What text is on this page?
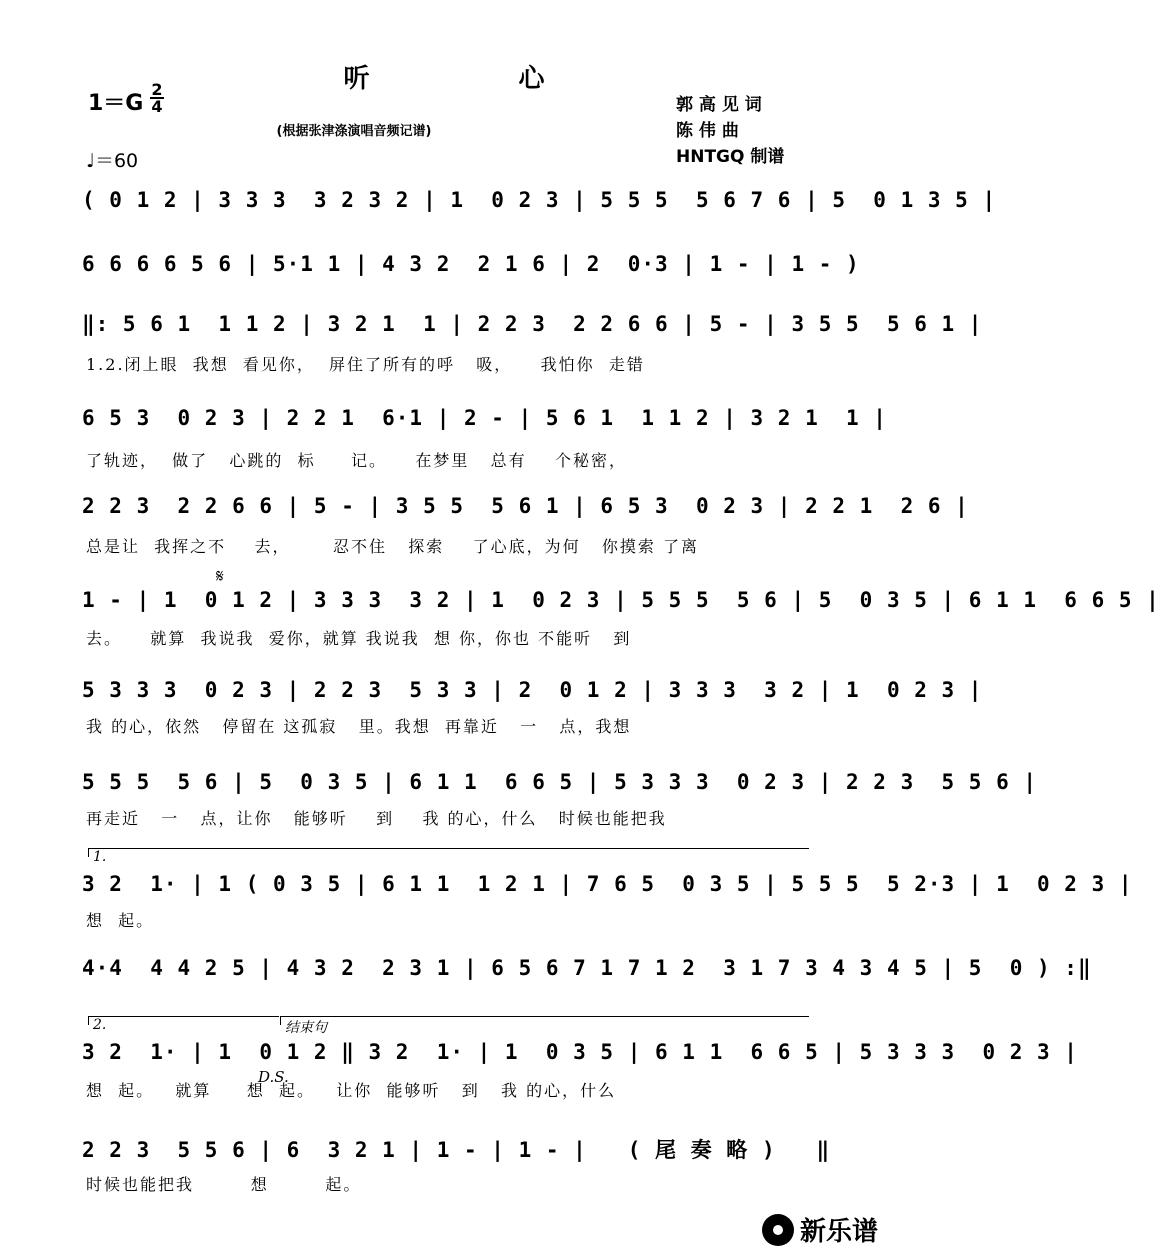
听 心
(根据张津涤演唱音频记谱)
1＝G
2
4
♩＝60
郭 高 见 词
陈 伟 曲
HNTGQ 制谱
( 0 1 2 | 3 3 3  3 2 3 2 | 1  0 2 3 | 5 5 5  5 6 7 6 | 5  0 1 3 5 |
6 6 6 6 5 6 | 5·1 1 | 4 3 2  2 1 6 | 2  0·3 | 1 - | 1 - )
‖: 5 6 1  1 1 2 | 3 2 1  1 | 2 2 3  2 2 6 6 | 5 - | 3 5 5  5 6 1 |
1.2.闭上眼  我想  看见你，  屏住了所有的呼   吸，    我怕你  走错
6 5 3  0 2 3 | 2 2 1  6·1 | 2 - | 5 6 1  1 1 2 | 3 2 1  1 |
了轨迹，  做了   心跳的  标     记。    在梦里   总有    个秘密，
2 2 3  2 2 6 6 | 5 - | 3 5 5  5 6 1 | 6 5 3  0 2 3 | 2 2 1  2 6 |
总是让  我挥之不    去，      忍不住   探索    了心底，为何   你摸索 了离
𝄋
1 - | 1  0 1 2 | 3 3 3  3 2 | 1  0 2 3 | 5 5 5  5 6 | 5  0 3 5 | 6 1 1  6 6 5 |
去。    就算  我说我  爱你，就算 我说我  想 你，你也 不能听   到
5 3 3 3  0 2 3 | 2 2 3  5 3 3 | 2  0 1 2 | 3 3 3  3 2 | 1  0 2 3 |
我 的心，依然   停留在 这孤寂   里。我想  再靠近   一   点，我想
5 5 5  5 6 | 5  0 3 5 | 6 1 1  6 6 5 | 5 3 3 3  0 2 3 | 2 2 3  5 5 6 |
再走近   一   点，让你   能够听    到    我 的心，什么   时候也能把我
1.
3 2  1· | 1 ( 0 3 5 | 6 1 1  1 2 1 | 7 6 5  0 3 5 | 5 5 5  5 2·3 | 1  0 2 3 |
想  起。
4·4  4 4 2 5 | 4 3 2  2 3 1 | 6 5 6 7 1 7 1 2  3 1 7 3 4 3 4 5 | 5  0 ) :‖
2.	结束句
3 2  1· | 1  0 1 2 ‖ 3 2  1· | 1  0 3 5 | 6 1 1  6 6 5 | 5 3 3 3  0 2 3 |
D.S.
想  起。   就算     想  起。   让你  能够听   到   我 的心，什么
2 2 3  5 5 6 | 6  3 2 1 | 1 - | 1 - |   ( 尾 奏 略 )   ‖
时候也能把我        想        起。
新乐谱
